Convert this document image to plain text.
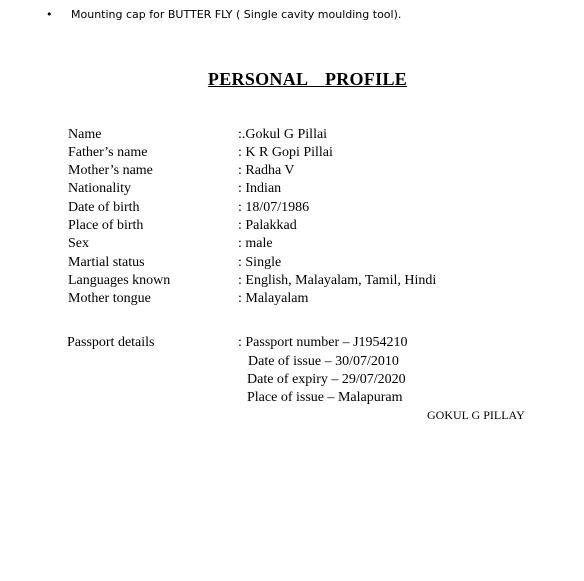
• Mounting cap for BUTTER FLY ( Single cavity moulding tool).
PERSONAL  PROFILE
Name	:.Gokul G Pillai
Father’s name	: K R Gopi Pillai
Mother’s name	: Radha V
Nationality	: Indian
Date of birth	: 18/07/1986
Place of birth	: Palakkad
Sex	: male
Martial status	: Single
Languages known	: English, Malayalam, Tamil, Hindi
Mother tongue	: Malayalam
Passport details	: Passport number – J1954210
Date of issue – 30/07/2010
Date of expiry – 29/07/2020
Place of issue – Malapuram
GOKUL G PILLAY
